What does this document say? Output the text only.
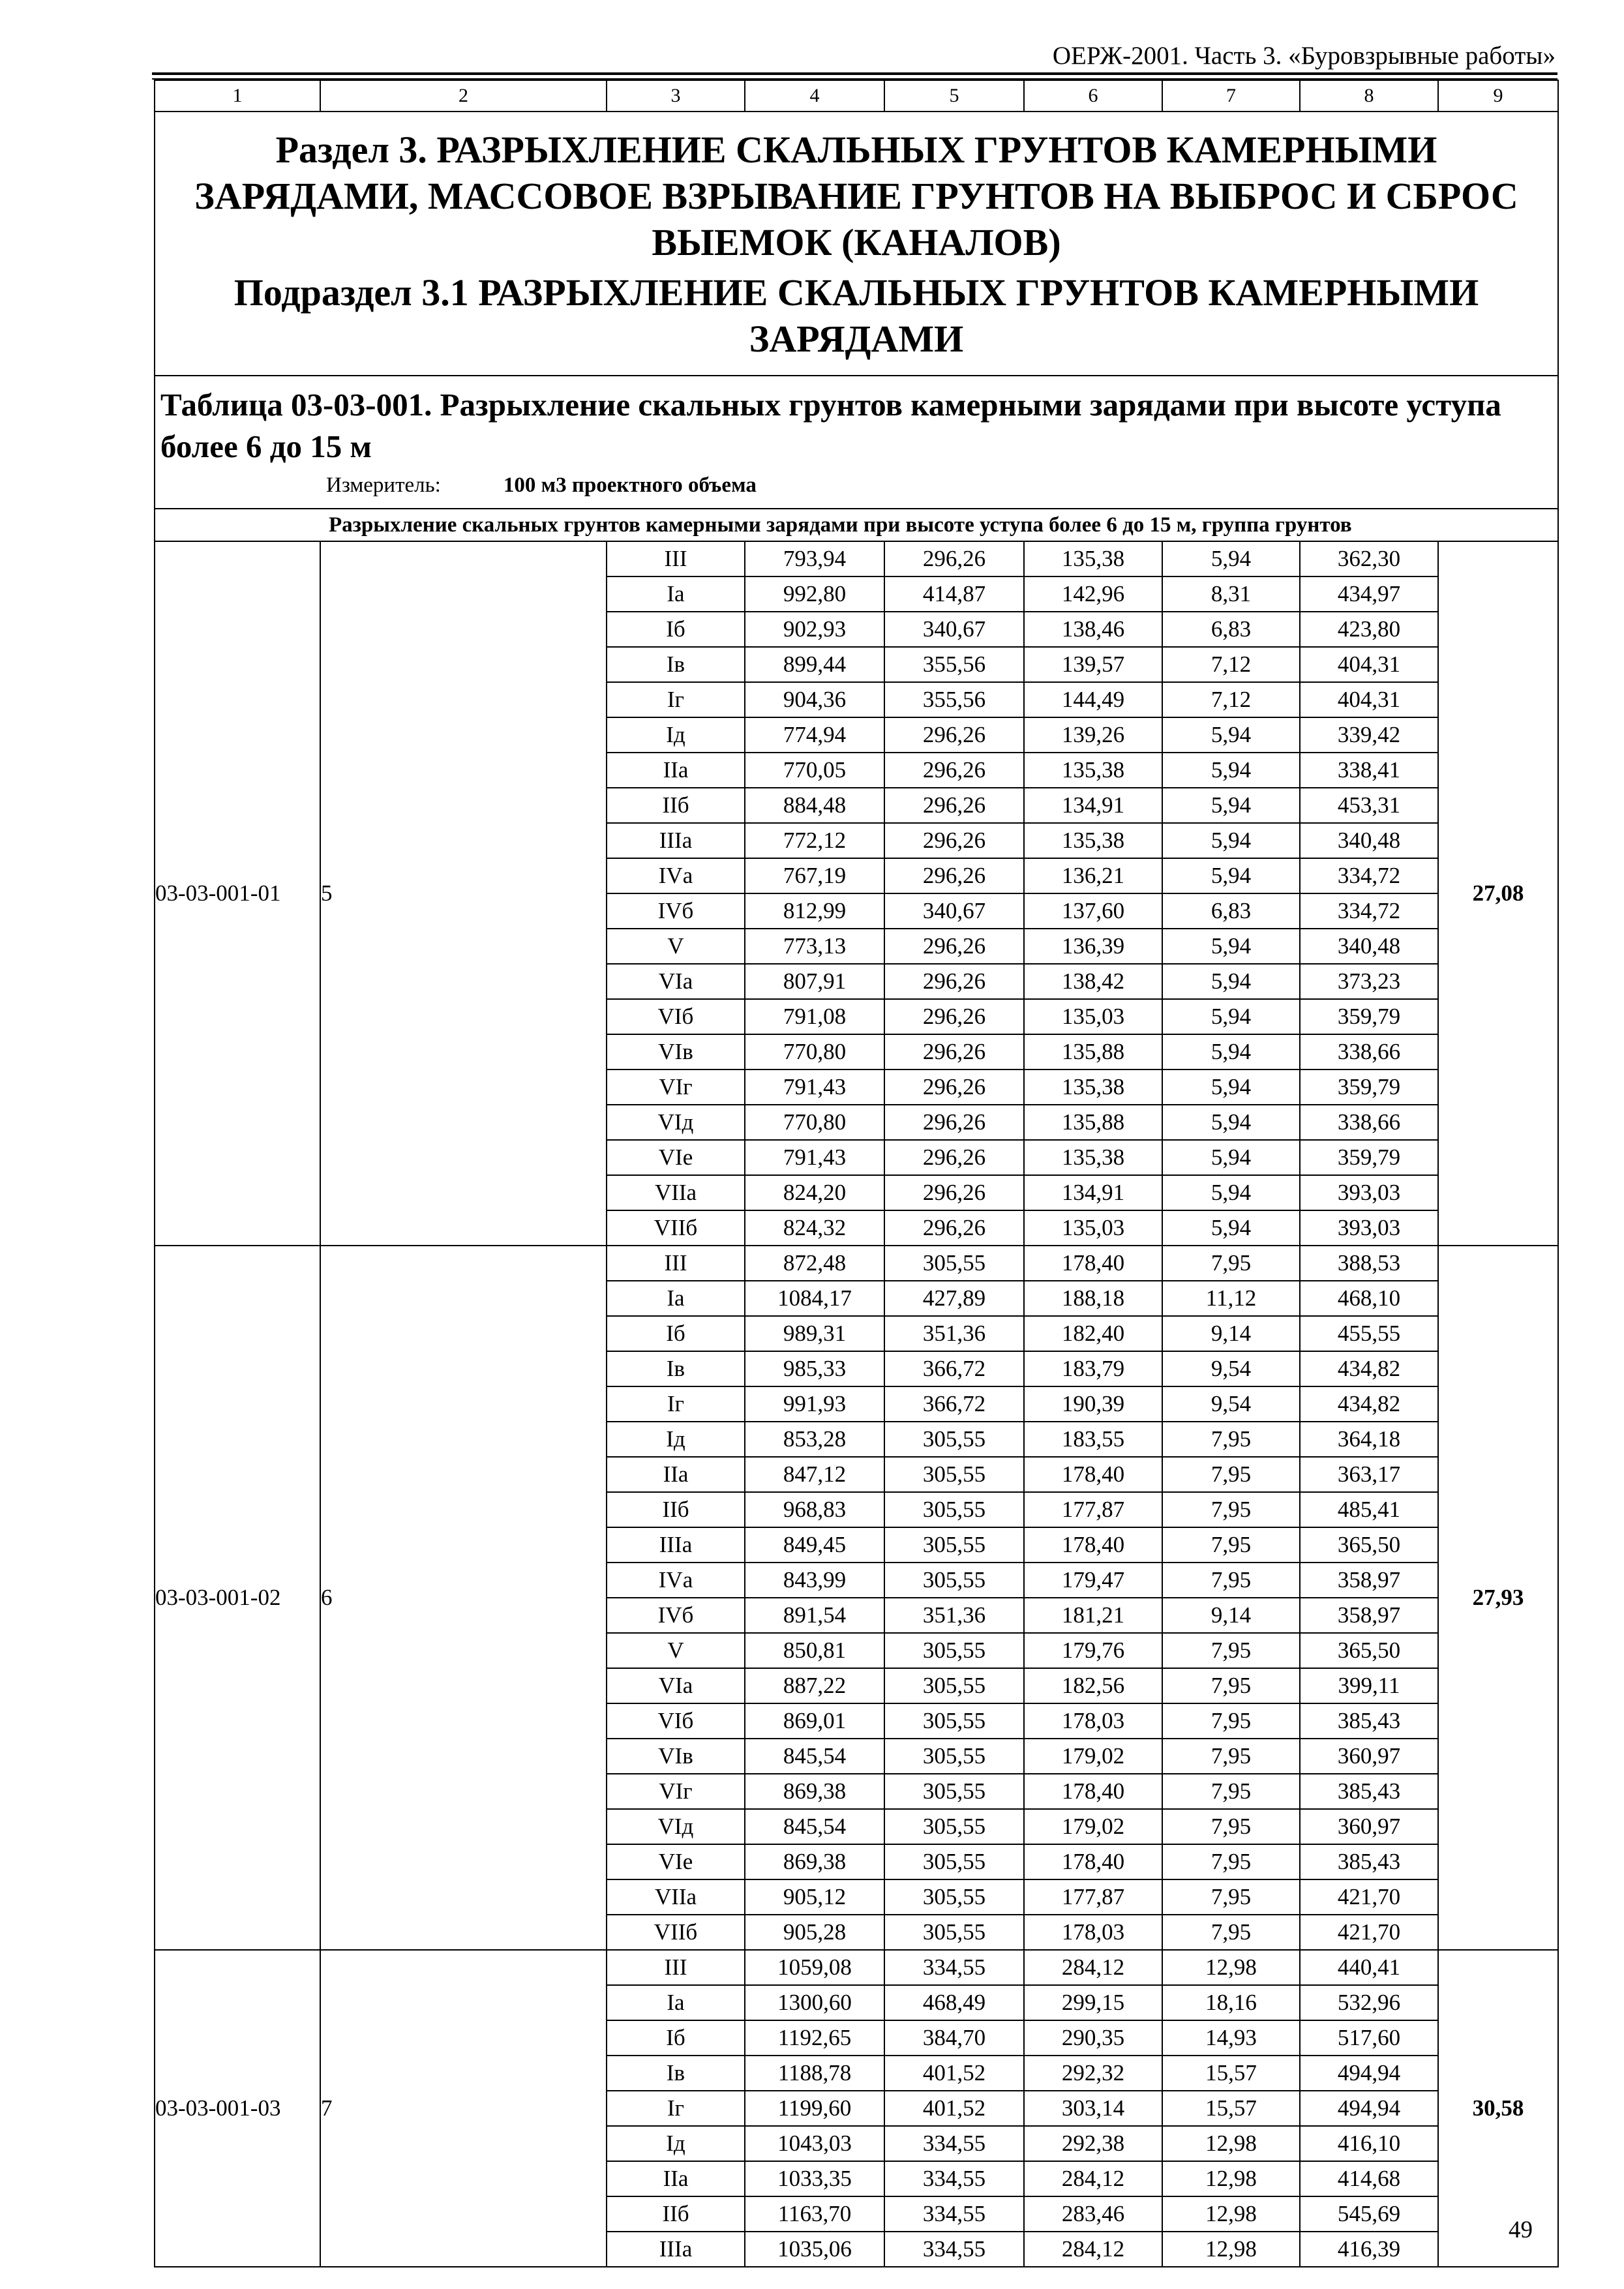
ОЕРЖ-2001. Часть 3. «Буровзрывные работы»
1	2	3	4	5	6	7	8	9

Раздел 3. РАЗРЫХЛЕНИЕ СКАЛЬНЫХ ГРУНТОВ КАМЕРНЫМИ ЗАРЯДАМИ, МАССОВОЕ ВЗРЫВАНИЕ ГРУНТОВ НА ВЫБРОС И СБРОС ВЫЕМОК (КАНАЛОВ)
Подраздел 3.1 РАЗРЫХЛЕНИЕ СКАЛЬНЫХ ГРУНТОВ КАМЕРНЫМИ ЗАРЯДАМИ								

Таблица 03-03-001. Разрыхление скальных грунтов камерными зарядами при высоте уступа более 6 до 15 м
Измеритель: 100 м3 проектного объема								

Разрыхление скальных грунтов камерными зарядами при высоте уступа более 6 до 15 м, группа грунтов								
03-03-001-01	5	III	793,94	296,26	135,38	5,94	362,30	27,08
		Iа	992,80	414,87	142,96	8,31	434,97	
		Iб	902,93	340,67	138,46	6,83	423,80	
		Iв	899,44	355,56	139,57	7,12	404,31	
		Iг	904,36	355,56	144,49	7,12	404,31	
		Iд	774,94	296,26	139,26	5,94	339,42	
		IIа	770,05	296,26	135,38	5,94	338,41	
		IIб	884,48	296,26	134,91	5,94	453,31	
		IIIа	772,12	296,26	135,38	5,94	340,48	
		IVа	767,19	296,26	136,21	5,94	334,72	
		IVб	812,99	340,67	137,60	6,83	334,72	
		V	773,13	296,26	136,39	5,94	340,48	
		VIа	807,91	296,26	138,42	5,94	373,23	
		VIб	791,08	296,26	135,03	5,94	359,79	
		VIв	770,80	296,26	135,88	5,94	338,66	
		VIг	791,43	296,26	135,38	5,94	359,79	
		VIд	770,80	296,26	135,88	5,94	338,66	
		VIе	791,43	296,26	135,38	5,94	359,79	
		VIIа	824,20	296,26	134,91	5,94	393,03	
		VIIб	824,32	296,26	135,03	5,94	393,03	
03-03-001-02	6	III	872,48	305,55	178,40	7,95	388,53	27,93
		Iа	1084,17	427,89	188,18	11,12	468,10	
		Iб	989,31	351,36	182,40	9,14	455,55	
		Iв	985,33	366,72	183,79	9,54	434,82	
		Iг	991,93	366,72	190,39	9,54	434,82	
		Iд	853,28	305,55	183,55	7,95	364,18	
		IIа	847,12	305,55	178,40	7,95	363,17	
		IIб	968,83	305,55	177,87	7,95	485,41	
		IIIа	849,45	305,55	178,40	7,95	365,50	
		IVа	843,99	305,55	179,47	7,95	358,97	
		IVб	891,54	351,36	181,21	9,14	358,97	
		V	850,81	305,55	179,76	7,95	365,50	
		VIа	887,22	305,55	182,56	7,95	399,11	
		VIб	869,01	305,55	178,03	7,95	385,43	
		VIв	845,54	305,55	179,02	7,95	360,97	
		VIг	869,38	305,55	178,40	7,95	385,43	
		VIд	845,54	305,55	179,02	7,95	360,97	
		VIе	869,38	305,55	178,40	7,95	385,43	
		VIIа	905,12	305,55	177,87	7,95	421,70	
		VIIб	905,28	305,55	178,03	7,95	421,70	
03-03-001-03	7	III	1059,08	334,55	284,12	12,98	440,41	30,58
		Iа	1300,60	468,49	299,15	18,16	532,96	
		Iб	1192,65	384,70	290,35	14,93	517,60	
		Iв	1188,78	401,52	292,32	15,57	494,94	
		Iг	1199,60	401,52	303,14	15,57	494,94	
		Iд	1043,03	334,55	292,38	12,98	416,10	
		IIа	1033,35	334,55	284,12	12,98	414,68	
		IIб	1163,70	334,55	283,46	12,98	545,69	
		IIIа	1035,06	334,55	284,12	12,98	416,39	
49
